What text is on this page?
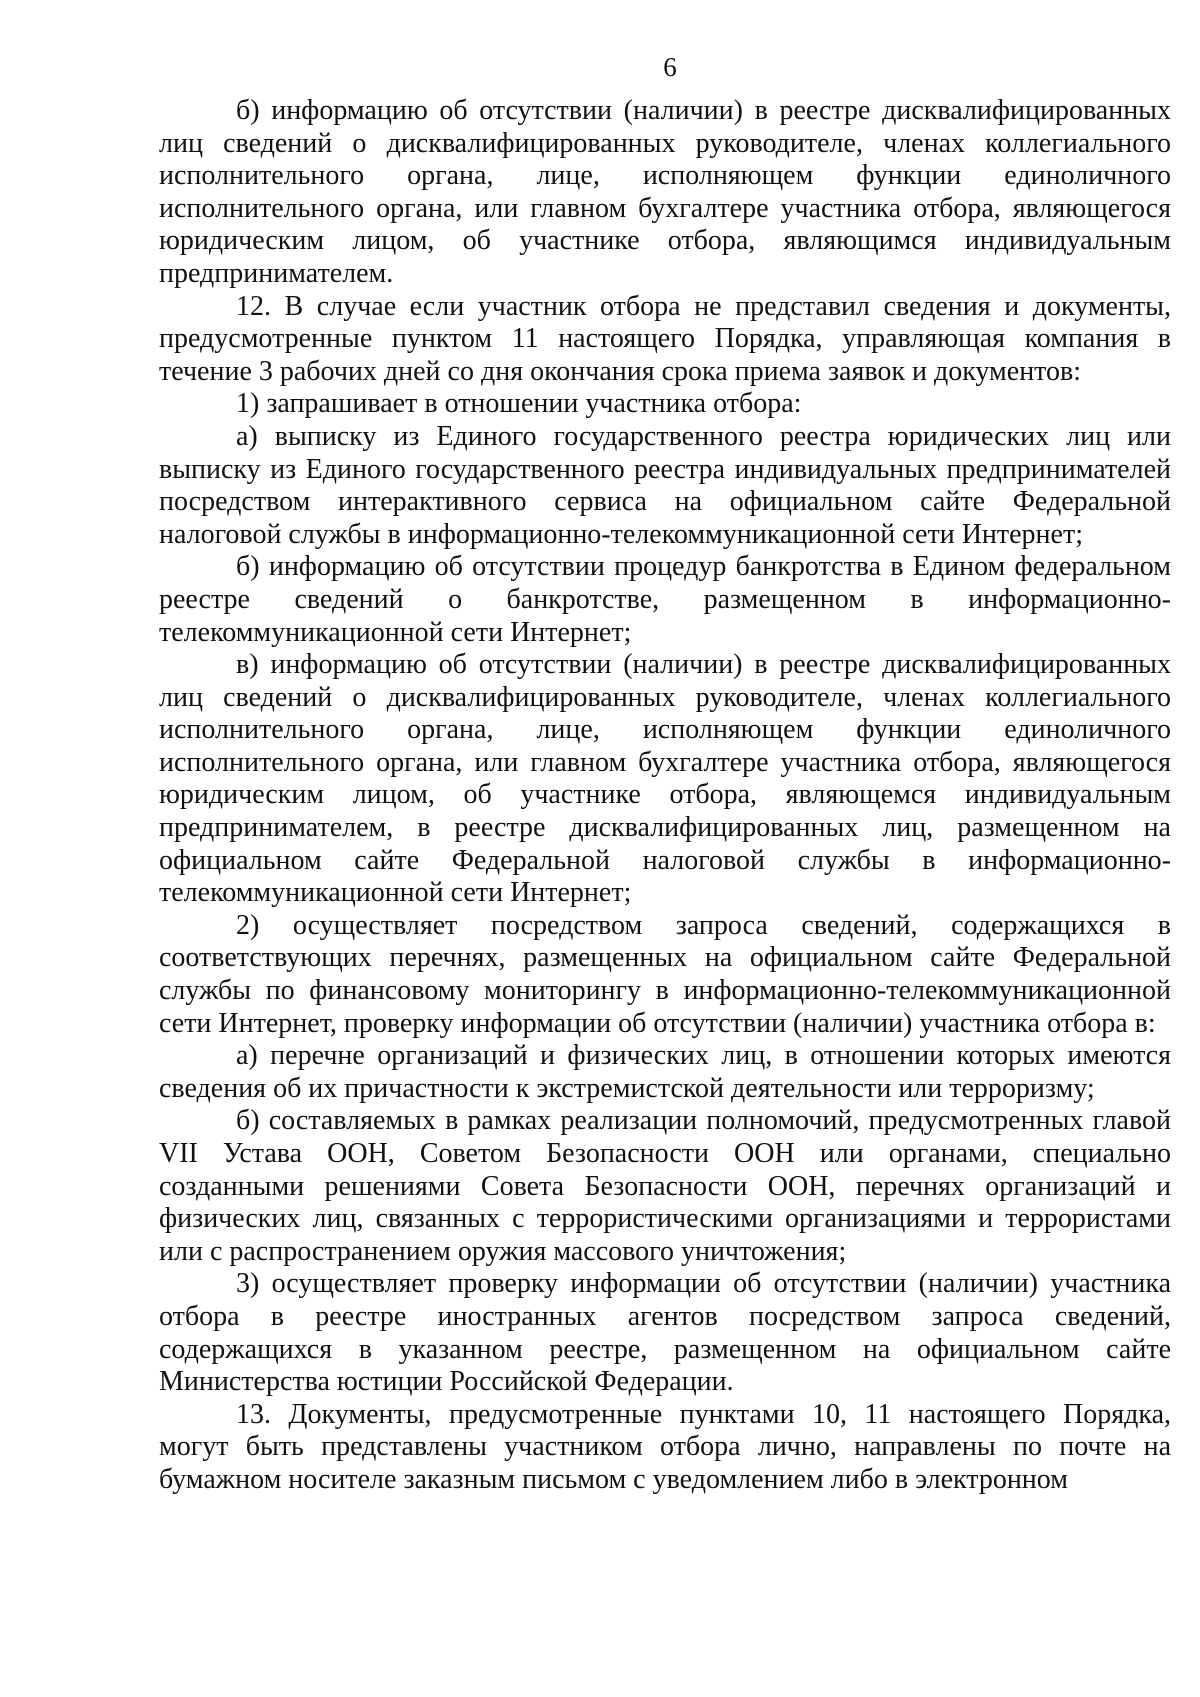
6

б) информацию об отсутствии (наличии) в реестре дисквалифицированных лиц сведений о дисквалифицированных руководителе, членах коллегиального исполнительного органа, лице, исполняющем функции единоличного исполнительного органа, или главном бухгалтере участника отбора, являющегося юридическим лицом, об участнике отбора, являющимся индивидуальным предпринимателем.

12. В случае если участник отбора не представил сведения и документы, предусмотренные пунктом 11 настоящего Порядка, управляющая компания в течение 3 рабочих дней со дня окончания срока приема заявок и документов:

1) запрашивает в отношении участника отбора:

а) выписку из Единого государственного реестра юридических лиц или выписку из Единого государственного реестра индивидуальных предпринимателей посредством интерактивного сервиса на официальном сайте Федеральной налоговой службы в информационно-телекоммуникационной сети Интернет;

б) информацию об отсутствии процедур банкротства в Едином федеральном реестре сведений о банкротстве, размещенном в информационно-телекоммуникационной сети Интернет;

в) информацию об отсутствии (наличии) в реестре дисквалифицированных лиц сведений о дисквалифицированных руководителе, членах коллегиального исполнительного органа, лице, исполняющем функции единоличного исполнительного органа, или главном бухгалтере участника отбора, являющегося юридическим лицом, об участнике отбора, являющемся индивидуальным предпринимателем, в реестре дисквалифицированных лиц, размещенном на официальном сайте Федеральной налоговой службы в информационно-телекоммуникационной сети Интернет;

2) осуществляет посредством запроса сведений, содержащихся в соответствующих перечнях, размещенных на официальном сайте Федеральной службы по финансовому мониторингу в информационно-телекоммуникационной сети Интернет, проверку информации об отсутствии (наличии) участника отбора в:

а) перечне организаций и физических лиц, в отношении которых имеются сведения об их причастности к экстремистской деятельности или терроризму;

б) составляемых в рамках реализации полномочий, предусмотренных главой VII Устава ООН, Советом Безопасности ООН или органами, специально созданными решениями Совета Безопасности ООН, перечнях организаций и физических лиц, связанных с террористическими организациями и террористами или с распространением оружия массового уничтожения;

3) осуществляет проверку информации об отсутствии (наличии) участника отбора в реестре иностранных агентов посредством запроса сведений, содержащихся в указанном реестре, размещенном на официальном сайте Министерства юстиции Российской Федерации.

13. Документы, предусмотренные пунктами 10, 11 настоящего Порядка, могут быть представлены участником отбора лично, направлены по почте на бумажном носителе заказным письмом с уведомлением либо в электронном
